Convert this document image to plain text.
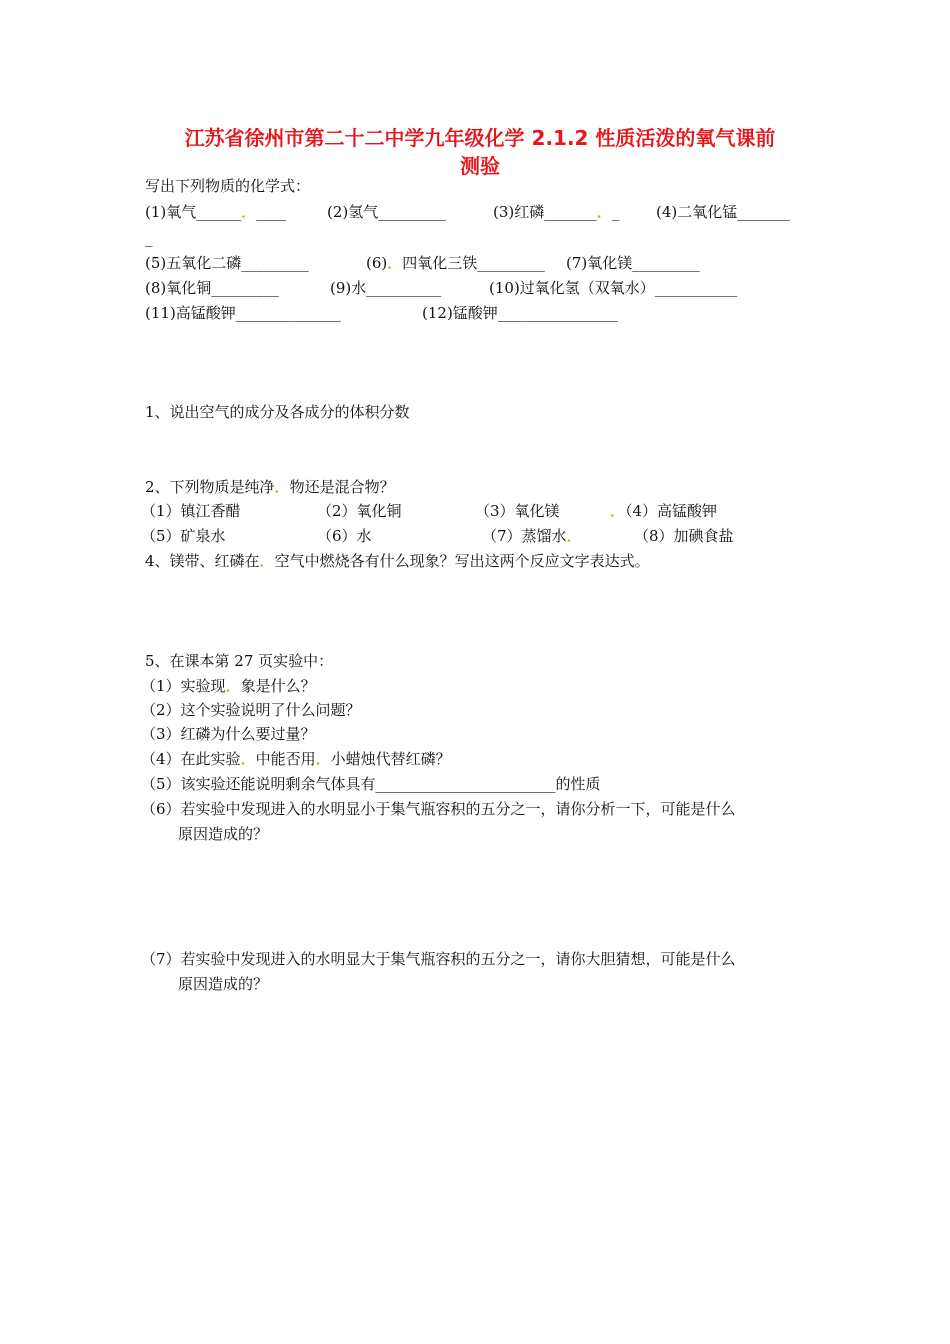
江苏省徐州市第二十二中学九年级化学 2.1.2 性质活泼的氧气课前
测验
写出下列物质的化学式：
(1)氧气______．____	(2)氢气_________	(3)红磷_______．_ (4)二氧化锰_______
_
(5)五氧化二磷_________	(6)．四氧化三铁_________ (7)氧化镁_________
(8)氧化铜_________	(9)水__________	(10)过氧化氢（双氧水）___________
(11)高锰酸钾______________	(12)锰酸钾________________
1、说出空气的成分及各成分的体积分数
2、下列物质是纯净．物还是混合物？
（1）镇江香醋	（2）氧化铜	（3）氧化镁	．（4）高锰酸钾
（5）矿泉水	（6）水	（7）蒸馏水．	（8）加碘食盐
4、镁带、红磷在．空气中燃烧各有什么现象？写出这两个反应文字表达式。
5、在课本第 27 页实验中：
（1）实验现．象是什么？
（2）这个实验说明了什么问题？
（3）红磷为什么要过量？
（4）在此实验．中能否用．小蜡烛代替红磷？
（5）该实验还能说明剩余气体具有________________________的性质
（6）若实验中发现进入的水明显小于集气瓶容积的五分之一，请你分析一下，可能是什么
原因造成的？
（7）若实验中发现进入的水明显大于集气瓶容积的五分之一，请你大胆猜想，可能是什么
原因造成的？
